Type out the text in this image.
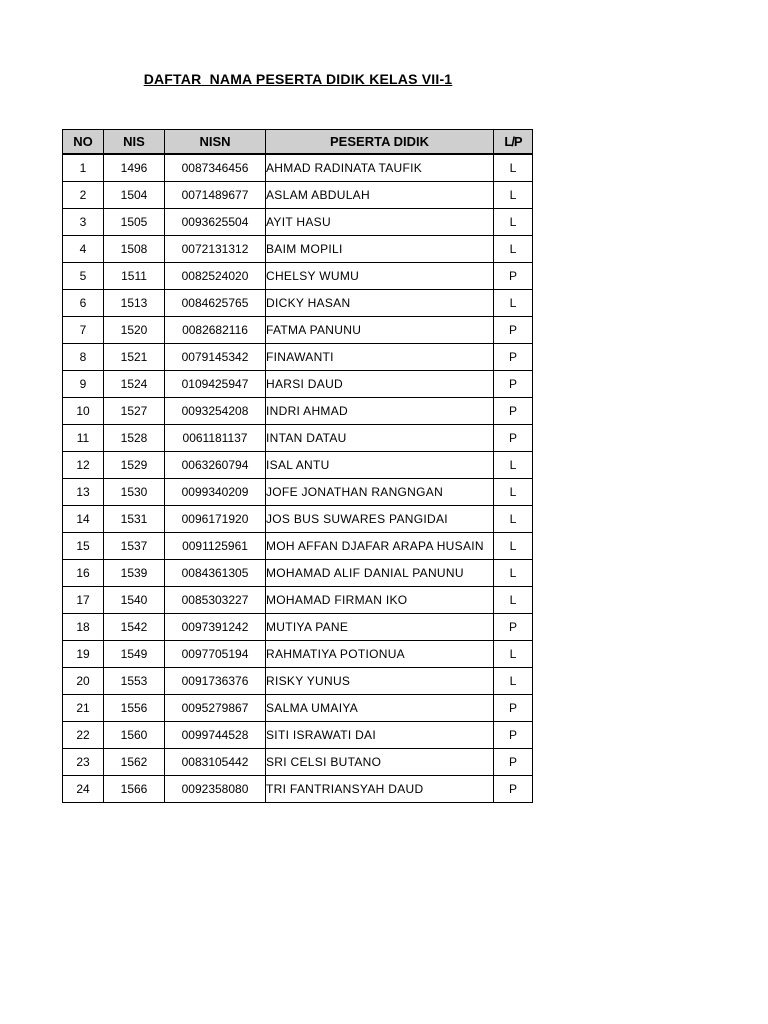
DAFTAR  NAMA PESERTA DIDIK KELAS VII-1
NO	NIS	NISN	PESERTA DIDIK	L/P
1	1496	0087346456	AHMAD RADINATA TAUFIK	L
2	1504	0071489677	ASLAM ABDULAH	L
3	1505	0093625504	AYIT HASU	L
4	1508	0072131312	BAIM MOPILI	L
5	1511	0082524020	CHELSY WUMU	P
6	1513	0084625765	DICKY HASAN	L
7	1520	0082682116	FATMA PANUNU	P
8	1521	0079145342	FINAWANTI	P
9	1524	0109425947	HARSI DAUD	P
10	1527	0093254208	INDRI AHMAD	P
11	1528	0061181137	INTAN DATAU	P
12	1529	0063260794	ISAL ANTU	L
13	1530	0099340209	JOFE JONATHAN RANGNGAN	L
14	1531	0096171920	JOS BUS SUWARES PANGIDAI	L
15	1537	0091125961	MOH AFFAN DJAFAR ARAPA HUSAIN	L
16	1539	0084361305	MOHAMAD ALIF DANIAL PANUNU	L
17	1540	0085303227	MOHAMAD FIRMAN IKO	L
18	1542	0097391242	MUTIYA PANE	P
19	1549	0097705194	RAHMATIYA POTIONUA	L
20	1553	0091736376	RISKY YUNUS	L
21	1556	0095279867	SALMA UMAIYA	P
22	1560	0099744528	SITI ISRAWATI DAI	P
23	1562	0083105442	SRI CELSI BUTANO	P
24	1566	0092358080	TRI FANTRIANSYAH DAUD	P
